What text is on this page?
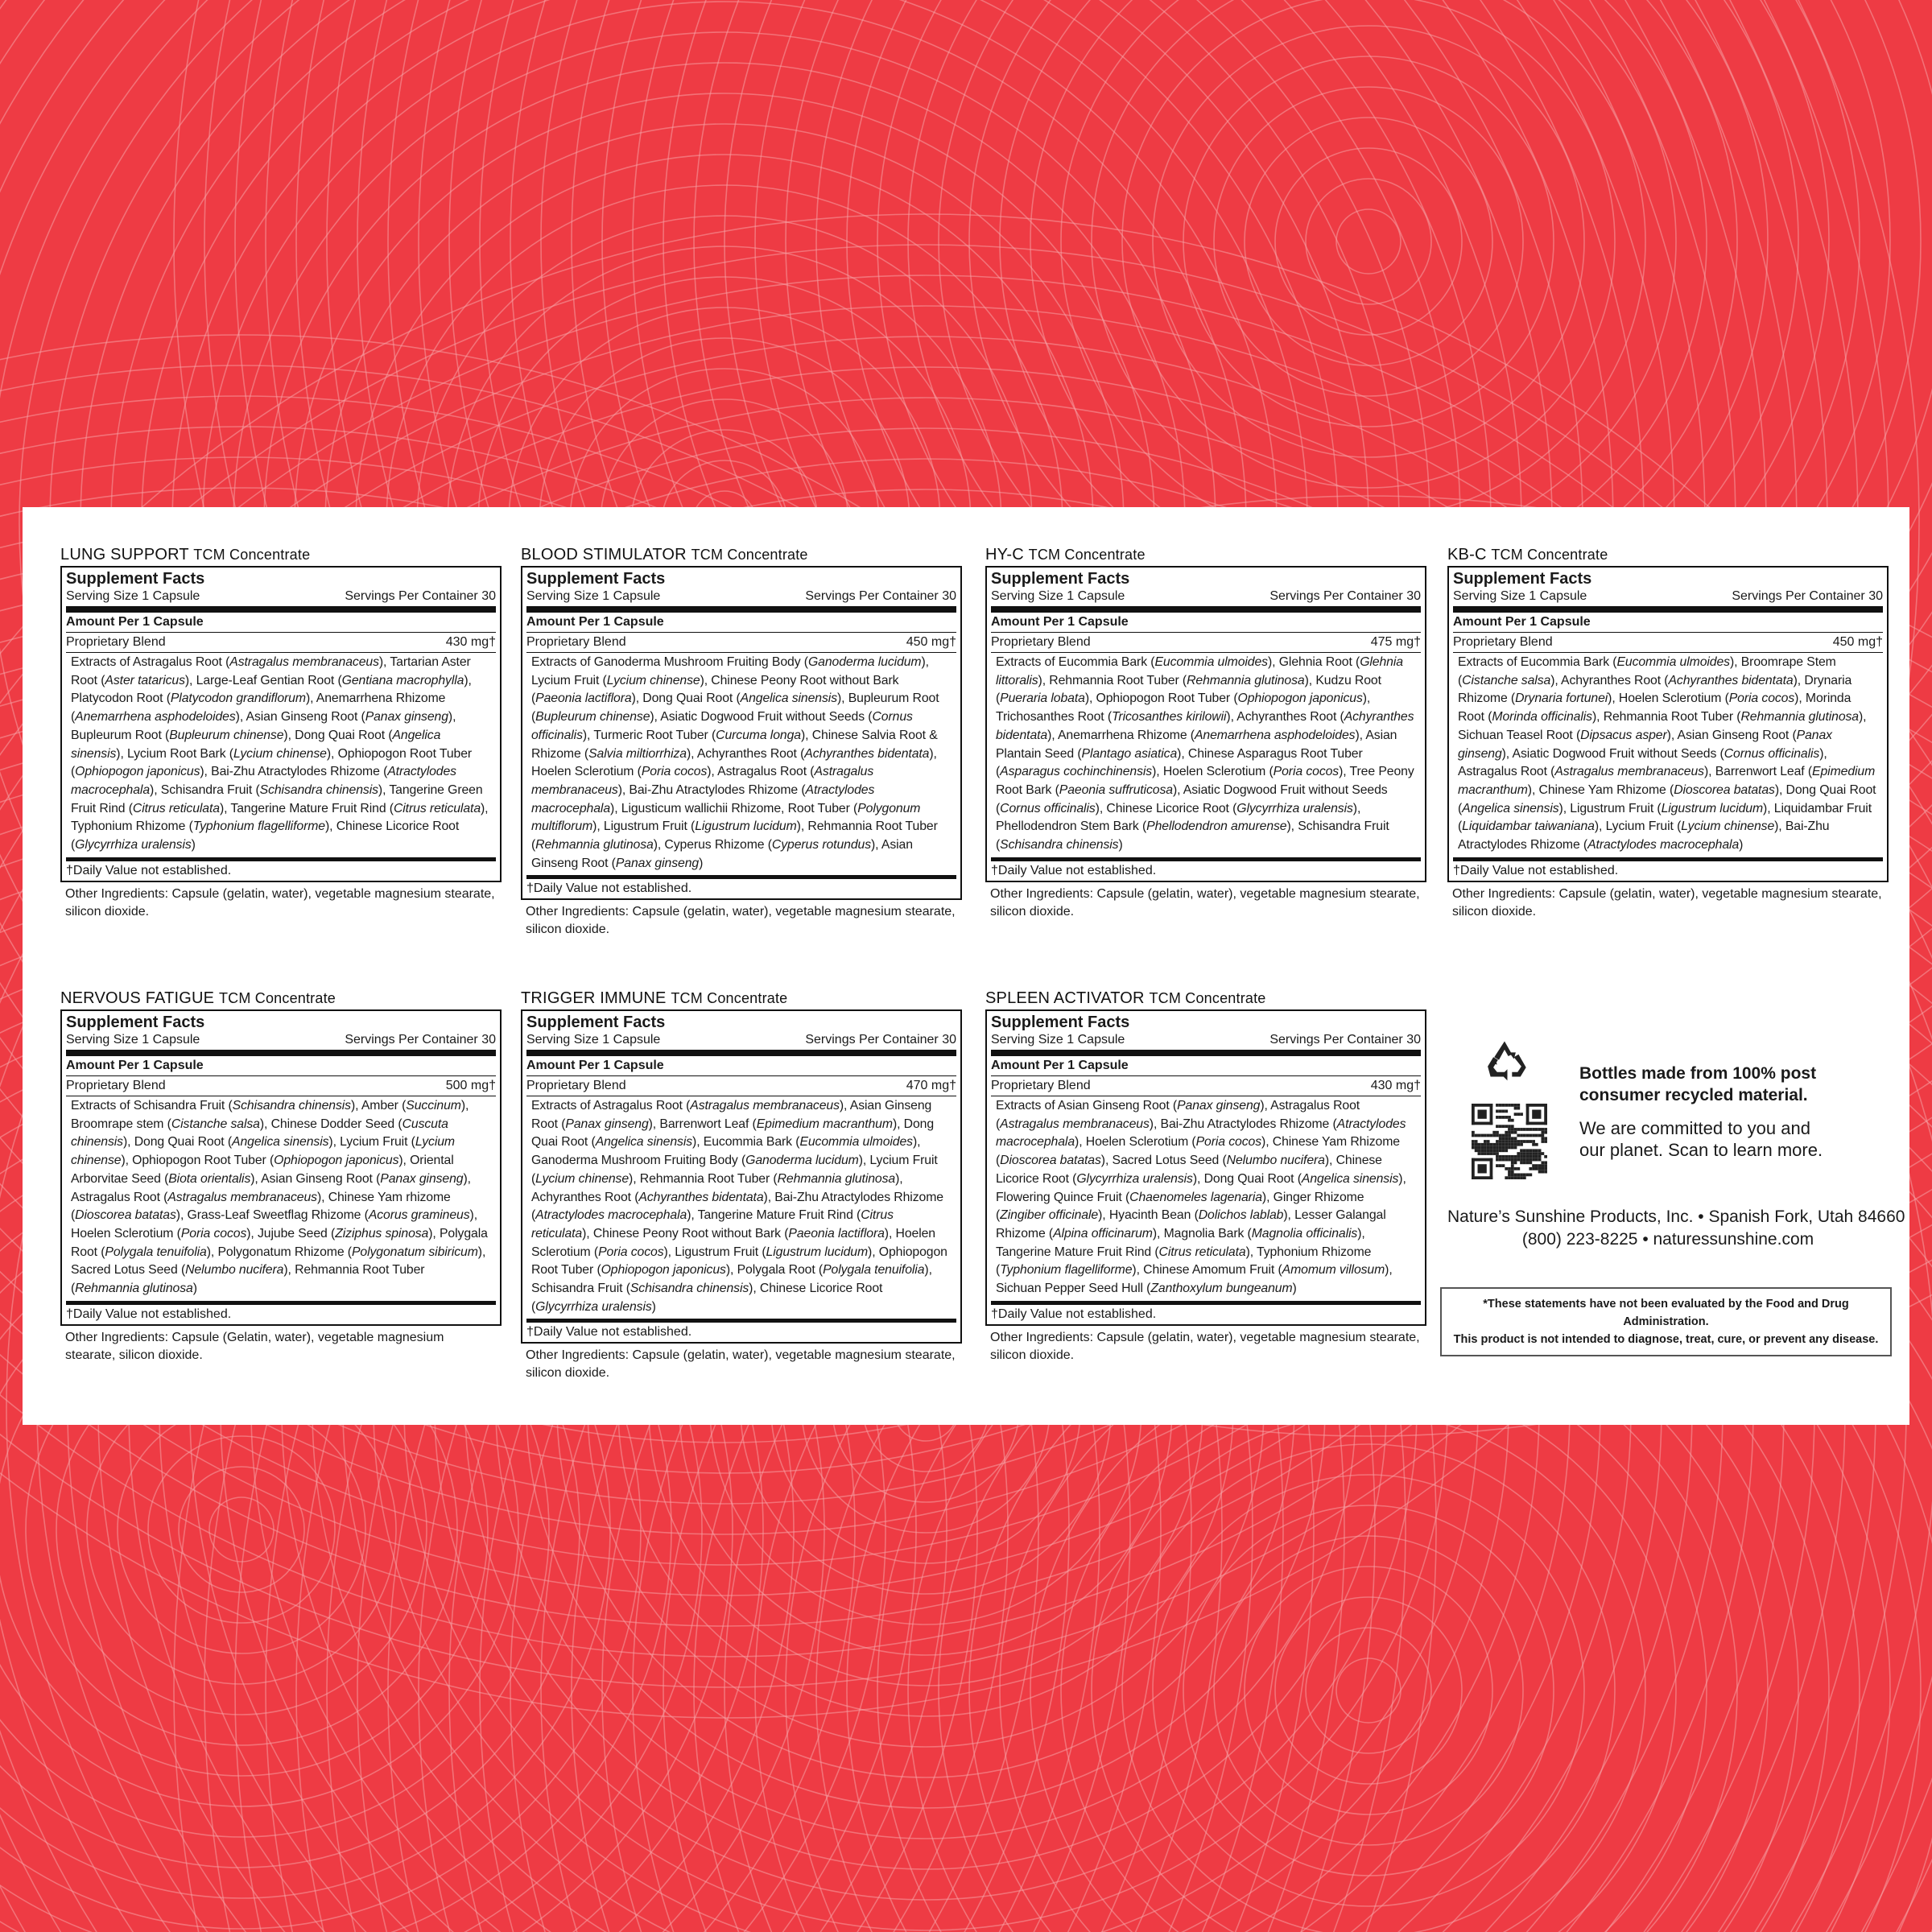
LUNG SUPPORT TCM Concentrate
Supplement Facts
Serving Size 1 Capsule	Servings Per Container 30
Amount Per 1 Capsule
Proprietary Blend	430 mg†
Extracts of Astragalus Root (Astragalus membranaceus), Tartarian Aster Root (Aster tataricus), Large-Leaf Gentian Root (Gentiana macrophylla), Platycodon Root (Platycodon grandiflorum), Anemarrhena Rhizome (Anemarrhena asphodeloides), Asian Ginseng Root (Panax ginseng), Bupleurum Root (Bupleurum chinense), Dong Quai Root (Angelica sinensis), Lycium Root Bark (Lycium chinense), Ophiopogon Root Tuber (Ophiopogon japonicus), Bai-Zhu Atractylodes Rhizome (Atractylodes macrocephala), Schisandra Fruit (Schisandra chinensis), Tangerine Green Fruit Rind (Citrus reticulata), Tangerine Mature Fruit Rind (Citrus reticulata), Typhonium Rhizome (Typhonium flagelliforme), Chinese Licorice Root (Glycyrrhiza uralensis)
†Daily Value not established.
Other Ingredients: Capsule (gelatin, water), vegetable magnesium stearate, silicon dioxide.
BLOOD STIMULATOR TCM Concentrate
Supplement Facts
Serving Size 1 Capsule	Servings Per Container 30
Amount Per 1 Capsule
Proprietary Blend	450 mg†
Extracts of Ganoderma Mushroom Fruiting Body (Ganoderma lucidum), Lycium Fruit (Lycium chinense), Chinese Peony Root without Bark (Paeonia lactiflora), Dong Quai Root (Angelica sinensis), Bupleurum Root (Bupleurum chinense), Asiatic Dogwood Fruit without Seeds (Cornus officinalis), Turmeric Root Tuber (Curcuma longa), Chinese Salvia Root & Rhizome (Salvia miltiorrhiza), Achyranthes Root (Achyranthes bidentata), Hoelen Sclerotium (Poria cocos), Astragalus Root (Astragalus membranaceus), Bai-Zhu Atractylodes Rhizome (Atractylodes macrocephala), Ligusticum wallichii Rhizome, Root Tuber (Polygonum multiflorum), Ligustrum Fruit (Ligustrum lucidum), Rehmannia Root Tuber (Rehmannia glutinosa), Cyperus Rhizome (Cyperus rotundus), Asian Ginseng Root (Panax ginseng)
†Daily Value not established.
Other Ingredients: Capsule (gelatin, water), vegetable magnesium stearate, silicon dioxide.
HY-C TCM Concentrate
Supplement Facts
Serving Size 1 Capsule	Servings Per Container 30
Amount Per 1 Capsule
Proprietary Blend	475 mg†
Extracts of Eucommia Bark (Eucommia ulmoides), Glehnia Root (Glehnia littoralis), Rehmannia Root Tuber (Rehmannia glutinosa), Kudzu Root (Pueraria lobata), Ophiopogon Root Tuber (Ophiopogon japonicus), Trichosanthes Root (Tricosanthes kirilowii), Achyranthes Root (Achyranthes bidentata), Anemarrhena Rhizome (Anemarrhena asphodeloides), Asian Plantain Seed (Plantago asiatica), Chinese Asparagus Root Tuber (Asparagus cochinchinensis), Hoelen Sclerotium (Poria cocos), Tree Peony Root Bark (Paeonia suffruticosa), Asiatic Dogwood Fruit without Seeds (Cornus officinalis), Chinese Licorice Root (Glycyrrhiza uralensis), Phellodendron Stem Bark (Phellodendron amurense), Schisandra Fruit (Schisandra chinensis)
†Daily Value not established.
Other Ingredients: Capsule (gelatin, water), vegetable magnesium stearate, silicon dioxide.
KB-C TCM Concentrate
Supplement Facts
Serving Size 1 Capsule	Servings Per Container 30
Amount Per 1 Capsule
Proprietary Blend	450 mg†
Extracts of Eucommia Bark (Eucommia ulmoides), Broomrape Stem (Cistanche salsa), Achyranthes Root (Achyranthes bidentata), Drynaria Rhizome (Drynaria fortunei), Hoelen Sclerotium (Poria cocos), Morinda Root (Morinda officinalis), Rehmannia Root Tuber (Rehmannia glutinosa), Sichuan Teasel Root (Dipsacus asper), Asian Ginseng Root (Panax ginseng), Asiatic Dogwood Fruit without Seeds (Cornus officinalis), Astragalus Root (Astragalus membranaceus), Barrenwort Leaf (Epimedium macranthum), Chinese Yam Rhizome (Dioscorea batatas), Dong Quai Root (Angelica sinensis), Ligustrum Fruit (Ligustrum lucidum), Liquidambar Fruit (Liquidambar taiwaniana), Lycium Fruit (Lycium chinense), Bai-Zhu Atractylodes Rhizome (Atractylodes macrocephala)
†Daily Value not established.
Other Ingredients: Capsule (gelatin, water), vegetable magnesium stearate, silicon dioxide.
NERVOUS FATIGUE TCM Concentrate
Supplement Facts
Serving Size 1 Capsule	Servings Per Container 30
Amount Per 1 Capsule
Proprietary Blend	500 mg†
Extracts of Schisandra Fruit (Schisandra chinensis), Amber (Succinum), Broomrape stem (Cistanche salsa), Chinese Dodder Seed (Cuscuta chinensis), Dong Quai Root (Angelica sinensis), Lycium Fruit (Lycium chinense), Ophiopogon Root Tuber (Ophiopogon japonicus), Oriental Arborvitae Seed (Biota orientalis), Asian Ginseng Root (Panax ginseng), Astragalus Root (Astragalus membranaceus), Chinese Yam rhizome (Dioscorea batatas), Grass-Leaf Sweetflag Rhizome (Acorus gramineus), Hoelen Sclerotium (Poria cocos), Jujube Seed (Ziziphus spinosa), Polygala Root (Polygala tenuifolia), Polygonatum Rhizome (Polygonatum sibiricum), Sacred Lotus Seed (Nelumbo nucifera), Rehmannia Root Tuber (Rehmannia glutinosa)
†Daily Value not established.
Other Ingredients: Capsule (Gelatin, water), vegetable magnesium stearate, silicon dioxide.
TRIGGER IMMUNE TCM Concentrate
Supplement Facts
Serving Size 1 Capsule	Servings Per Container 30
Amount Per 1 Capsule
Proprietary Blend	470 mg†
Extracts of Astragalus Root (Astragalus membranaceus), Asian Ginseng Root (Panax ginseng), Barrenwort Leaf (Epimedium macranthum), Dong Quai Root (Angelica sinensis), Eucommia Bark (Eucommia ulmoides), Ganoderma Mushroom Fruiting Body (Ganoderma lucidum), Lycium Fruit (Lycium chinense), Rehmannia Root Tuber (Rehmannia glutinosa), Achyranthes Root (Achyranthes bidentata), Bai-Zhu Atractylodes Rhizome (Atractylodes macrocephala), Tangerine Mature Fruit Rind (Citrus reticulata), Chinese Peony Root without Bark (Paeonia lactiflora), Hoelen Sclerotium (Poria cocos), Ligustrum Fruit (Ligustrum lucidum), Ophiopogon Root Tuber (Ophiopogon japonicus), Polygala Root (Polygala tenuifolia), Schisandra Fruit (Schisandra chinensis), Chinese Licorice Root (Glycyrrhiza uralensis)
†Daily Value not established.
Other Ingredients: Capsule (gelatin, water), vegetable magnesium stearate, silicon dioxide.
SPLEEN ACTIVATOR TCM Concentrate
Supplement Facts
Serving Size 1 Capsule	Servings Per Container 30
Amount Per 1 Capsule
Proprietary Blend	430 mg†
Extracts of Asian Ginseng Root (Panax ginseng), Astragalus Root (Astragalus membranaceus), Bai-Zhu Atractylodes Rhizome (Atractylodes macrocephala), Hoelen Sclerotium (Poria cocos), Chinese Yam Rhizome (Dioscorea batatas), Sacred Lotus Seed (Nelumbo nucifera), Chinese Licorice Root (Glycyrrhiza uralensis), Dong Quai Root (Angelica sinensis), Flowering Quince Fruit (Chaenomeles lagenaria), Ginger Rhizome (Zingiber officinale), Hyacinth Bean (Dolichos lablab), Lesser Galangal Rhizome (Alpina officinarum), Magnolia Bark (Magnolia officinalis), Tangerine Mature Fruit Rind (Citrus reticulata), Typhonium Rhizome (Typhonium flagelliforme), Chinese Amomum Fruit (Amomum villosum), Sichuan Pepper Seed Hull (Zanthoxylum bungeanum)
†Daily Value not established.
Other Ingredients: Capsule (gelatin, water), vegetable magnesium stearate, silicon dioxide.
Bottles made from 100% post consumer recycled material.
We are committed to you and our planet. Scan to learn more.
Nature’s Sunshine Products, Inc. • Spanish Fork, Utah 84660
(800) 223-8225 • naturessunshine.com
*These statements have not been evaluated by the Food and Drug Administration.
This product is not intended to diagnose, treat, cure, or prevent any disease.
